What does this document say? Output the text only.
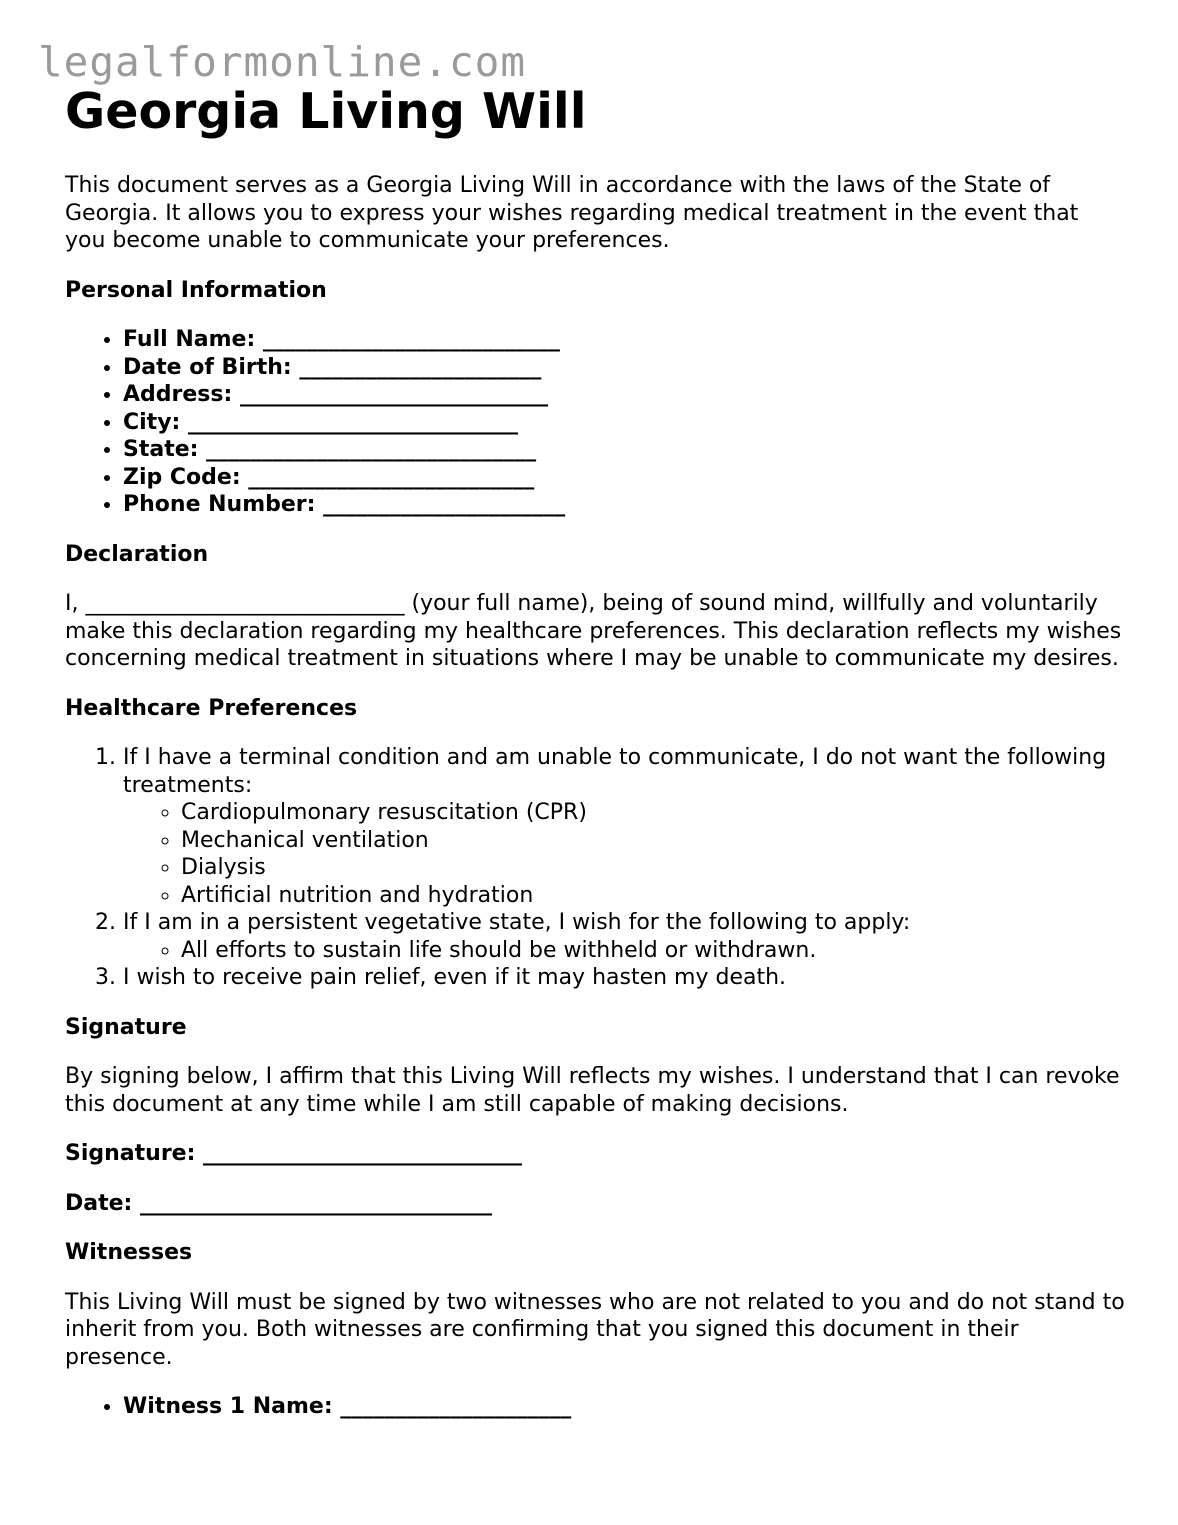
legalformonline.com
Georgia Living Will

This document serves as a Georgia Living Will in accordance with the laws of the State of Georgia. It allows you to express your wishes regarding medical treatment in the event that you become unable to communicate your preferences.

Personal Information
• Full Name: ___________________________
• Date of Birth: ______________________
• Address: ____________________________
• City: ______________________________
• State: ______________________________
• Zip Code: __________________________
• Phone Number: ______________________
Declaration

I, _____________________________ (your full name), being of sound mind, willfully and voluntarily make this declaration regarding my healthcare preferences. This declaration reflects my wishes concerning medical treatment in situations where I may be unable to communicate my desires.

Healthcare Preferences
1. If I have a terminal condition and am unable to communicate, I do not want the following treatments:
◦ Cardiopulmonary resuscitation (CPR)
◦ Mechanical ventilation
◦ Dialysis
◦ Artificial nutrition and hydration
2. If I am in a persistent vegetative state, I wish for the following to apply:
◦ All efforts to sustain life should be withheld or withdrawn.
3. I wish to receive pain relief, even if it may hasten my death.
Signature

By signing below, I affirm that this Living Will reflects my wishes. I understand that I can revoke this document at any time while I am still capable of making decisions.

Signature: _____________________________
Date: ________________________________
Witnesses

This Living Will must be signed by two witnesses who are not related to you and do not stand to inherit from you. Both witnesses are confirming that you signed this document in their presence.

• Witness 1 Name: _____________________
